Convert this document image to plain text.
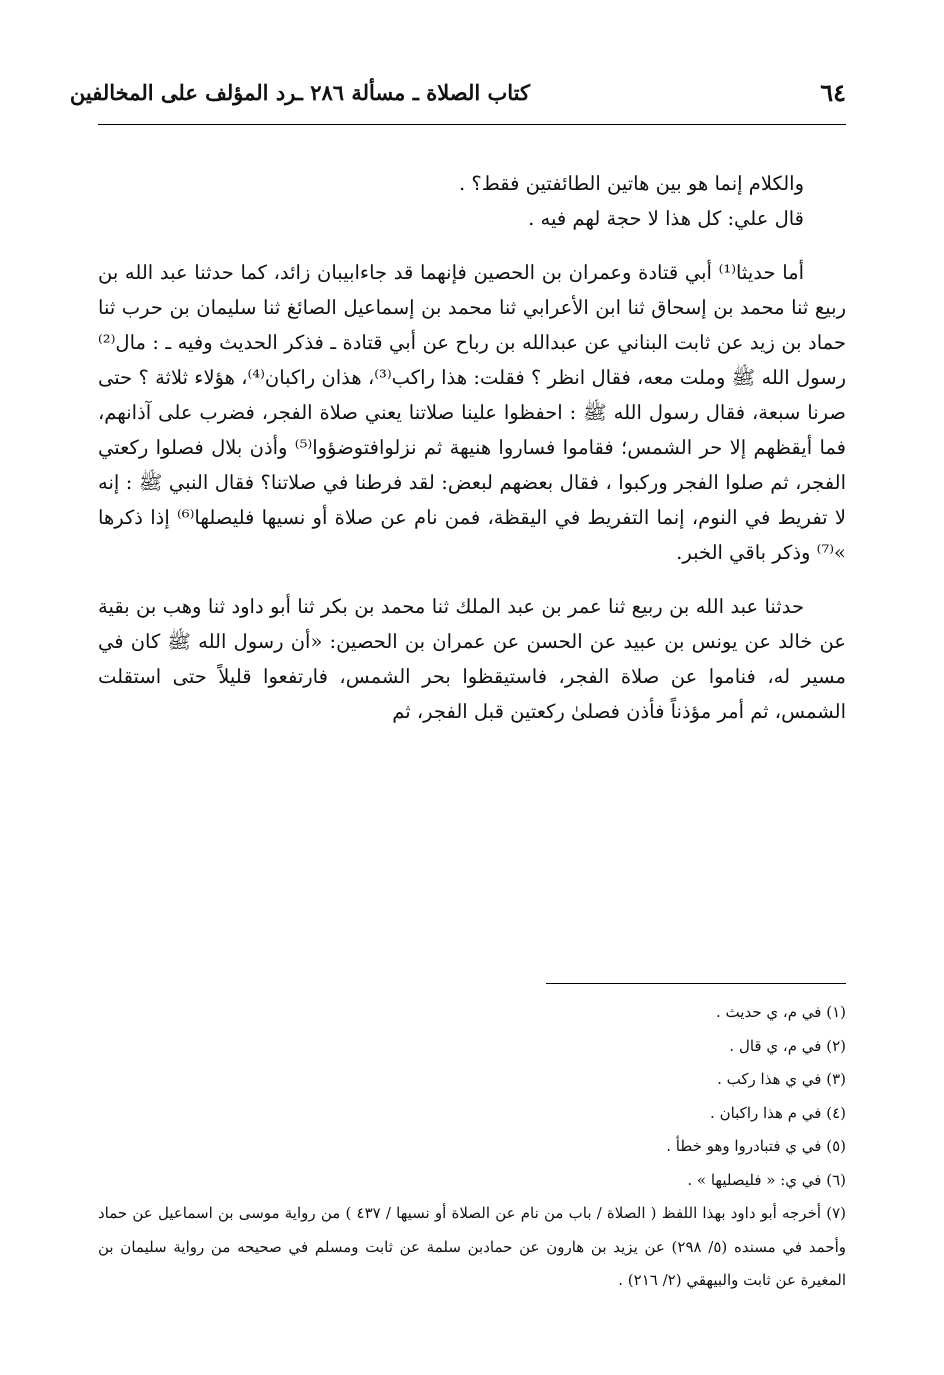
٦٤
كتاب الصلاة ـ مسألة ٢٨٦ ـرد المؤلف على المخالفين

والكلام إنما هو بين هاتين الطائفتين فقط؟ .

قال علي: كل هذا لا حجة لهم فيه .

أما حديثا⁽¹⁾ أبي قتادة وعمران بن الحصين فإنهما قد جاءابيبان زائد، كما حدثنا عبد الله بن ربيع ثنا محمد بن إسحاق ثنا ابن الأعرابي ثنا محمد بن إسماعيل الصائغ ثنا سليمان بن حرب ثنا حماد بن زيد عن ثابت البناني عن عبدالله بن رباح عن أبي قتادة ـ فذكر الحديث وفيه ـ : مال⁽²⁾ رسول الله ﷺ وملت معه، فقال انظر ؟ فقلت: هذا راكب⁽³⁾، هذان راكبان⁽⁴⁾، هؤلاء ثلاثة ؟ حتى صرنا سبعة، فقال رسول الله ﷺ : احفظوا علينا صلاتنا يعني صلاة الفجر، فضرب على آذانهم، فما أيقظهم إلا حر الشمس؛ فقاموا فساروا هنيهة ثم نزلوافتوضؤوا⁽⁵⁾ وأذن بلال فصلوا ركعتي الفجر، ثم صلوا الفجر وركبوا ، فقال بعضهم لبعض: لقد فرطنا في صلاتنا؟ فقال النبي ﷺ : إنه لا تفريط في النوم، إنما التفريط في اليقظة، فمن نام عن صلاة أو نسيها فليصلها⁽⁶⁾ إذا ذكرها »⁽⁷⁾ وذكر باقي الخبر.

حدثنا عبد الله بن ربيع ثنا عمر بن عبد الملك ثنا محمد بن بكر ثنا أبو داود ثنا وهب بن بقية عن خالد عن يونس بن عبيد عن الحسن عن عمران بن الحصين: «أن رسول الله ﷺ كان في مسير له، فناموا عن صلاة الفجر، فاستيقظوا بحر الشمس، فارتفعوا قليلاً حتى استقلت الشمس، ثم أمر مؤذناً فأذن فصلىٰ ركعتين قبل الفجر، ثم

(١) في م، ي حديث .

(٢) في م، ي قال .

(٣) في ي هذا ركب .

(٤) في م هذا راكبان .

(٥) في ي فتبادروا وهو خطأ .

(٦) في ي: « فليصليها » .

(٧) أخرجه أبو داود بهذا اللفظ ( الصلاة / باب من نام عن الصلاة أو نسيها / ٤٣٧ ) من رواية موسى بن اسماعيل عن حماد وأحمد في مسنده (٥/ ٢٩٨) عن يزيد بن هارون عن حمادبن سلمة عن ثابت ومسلم في صحيحه من رواية سليمان بن المغيرة عن ثابت والبيهقي (٢/ ٢١٦) .
